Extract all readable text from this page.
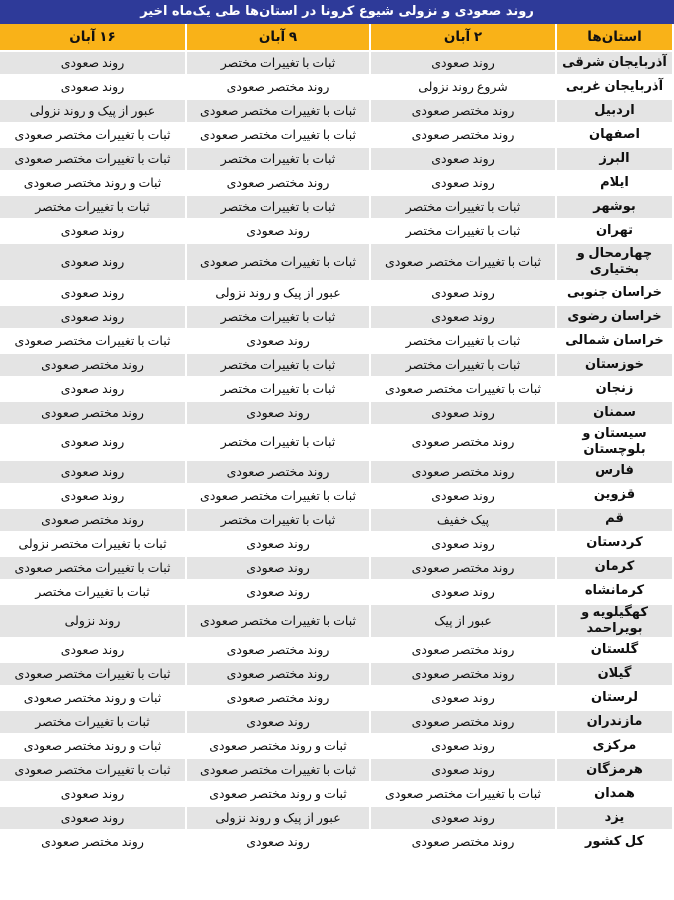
روند صعودی و نزولی شیوع کرونا در استان‌ها طی یک‌ماه اخیر
استان‌ها	۲ آبان	۹ آبان	۱۶ آبان
آذربایجان شرقی	روند صعودی	ثبات با تغییرات مختصر	روند صعودی
آذربایجان غربی	شروع روند نزولی	روند مختصر صعودی	روند صعودی
اردبیل	روند مختصر صعودی	ثبات با تغییرات مختصر صعودی	عبور از پیک و روند نزولی
اصفهان	روند مختصر صعودی	ثبات با تغییرات مختصر صعودی	ثبات با تغییرات مختصر صعودی
البرز	روند صعودی	ثبات با تغییرات مختصر	ثبات با تغییرات مختصر صعودی
ایلام	روند صعودی	روند مختصر صعودی	ثبات و روند مختصر صعودی
بوشهر	ثبات با تغییرات مختصر	ثبات با تغییرات مختصر	ثبات با تغییرات مختصر
تهران	ثبات با تغییرات مختصر	روند صعودی	روند صعودی
چهارمحال و بختیاری	ثبات با تغییرات مختصر صعودی	ثبات با تغییرات مختصر صعودی	روند صعودی
خراسان جنوبی	روند صعودی	عبور از پیک و روند نزولی	روند صعودی
خراسان رضوی	روند صعودی	ثبات با تغییرات مختصر	روند صعودی
خراسان شمالی	ثبات با تغییرات مختصر	روند صعودی	ثبات با تغییرات مختصر صعودی
خوزستان	ثبات با تغییرات مختصر	ثبات با تغییرات مختصر	روند مختصر صعودی
زنجان	ثبات با تغییرات مختصر صعودی	ثبات با تغییرات مختصر	روند صعودی
سمنان	روند صعودی	روند صعودی	روند مختصر صعودی
سیستان و بلوچستان	روند مختصر صعودی	ثبات با تغییرات مختصر	روند صعودی
فارس	روند مختصر صعودی	روند مختصر صعودی	روند صعودی
قزوین	روند صعودی	ثبات با تغییرات مختصر صعودی	روند صعودی
قم	پیک خفیف	ثبات با تغییرات مختصر	روند مختصر صعودی
کردستان	روند صعودی	روند صعودی	ثبات با تغییرات مختصر نزولی
کرمان	روند مختصر صعودی	روند صعودی	ثبات با تغییرات مختصر صعودی
کرمانشاه	روند صعودی	روند صعودی	ثبات با تغییرات مختصر
کهگیلویه و بویراحمد	عبور از پیک	ثبات با تغییرات مختصر صعودی	روند نزولی
گلستان	روند مختصر صعودی	روند مختصر صعودی	روند صعودی
گیلان	روند مختصر صعودی	روند مختصر صعودی	ثبات با تغییرات مختصر صعودی
لرستان	روند صعودی	روند مختصر صعودی	ثبات و روند مختصر صعودی
مازندران	روند مختصر صعودی	روند صعودی	ثبات با تغییرات مختصر
مرکزی	روند صعودی	ثبات و روند مختصر صعودی	ثبات و روند مختصر صعودی
هرمزگان	روند صعودی	ثبات با تغییرات مختصر صعودی	ثبات با تغییرات مختصر صعودی
همدان	ثبات با تغییرات مختصر صعودی	ثبات و روند مختصر صعودی	روند صعودی
یزد	روند صعودی	عبور از پیک و روند نزولی	روند صعودی
کل کشور	روند مختصر صعودی	روند صعودی	روند مختصر صعودی
